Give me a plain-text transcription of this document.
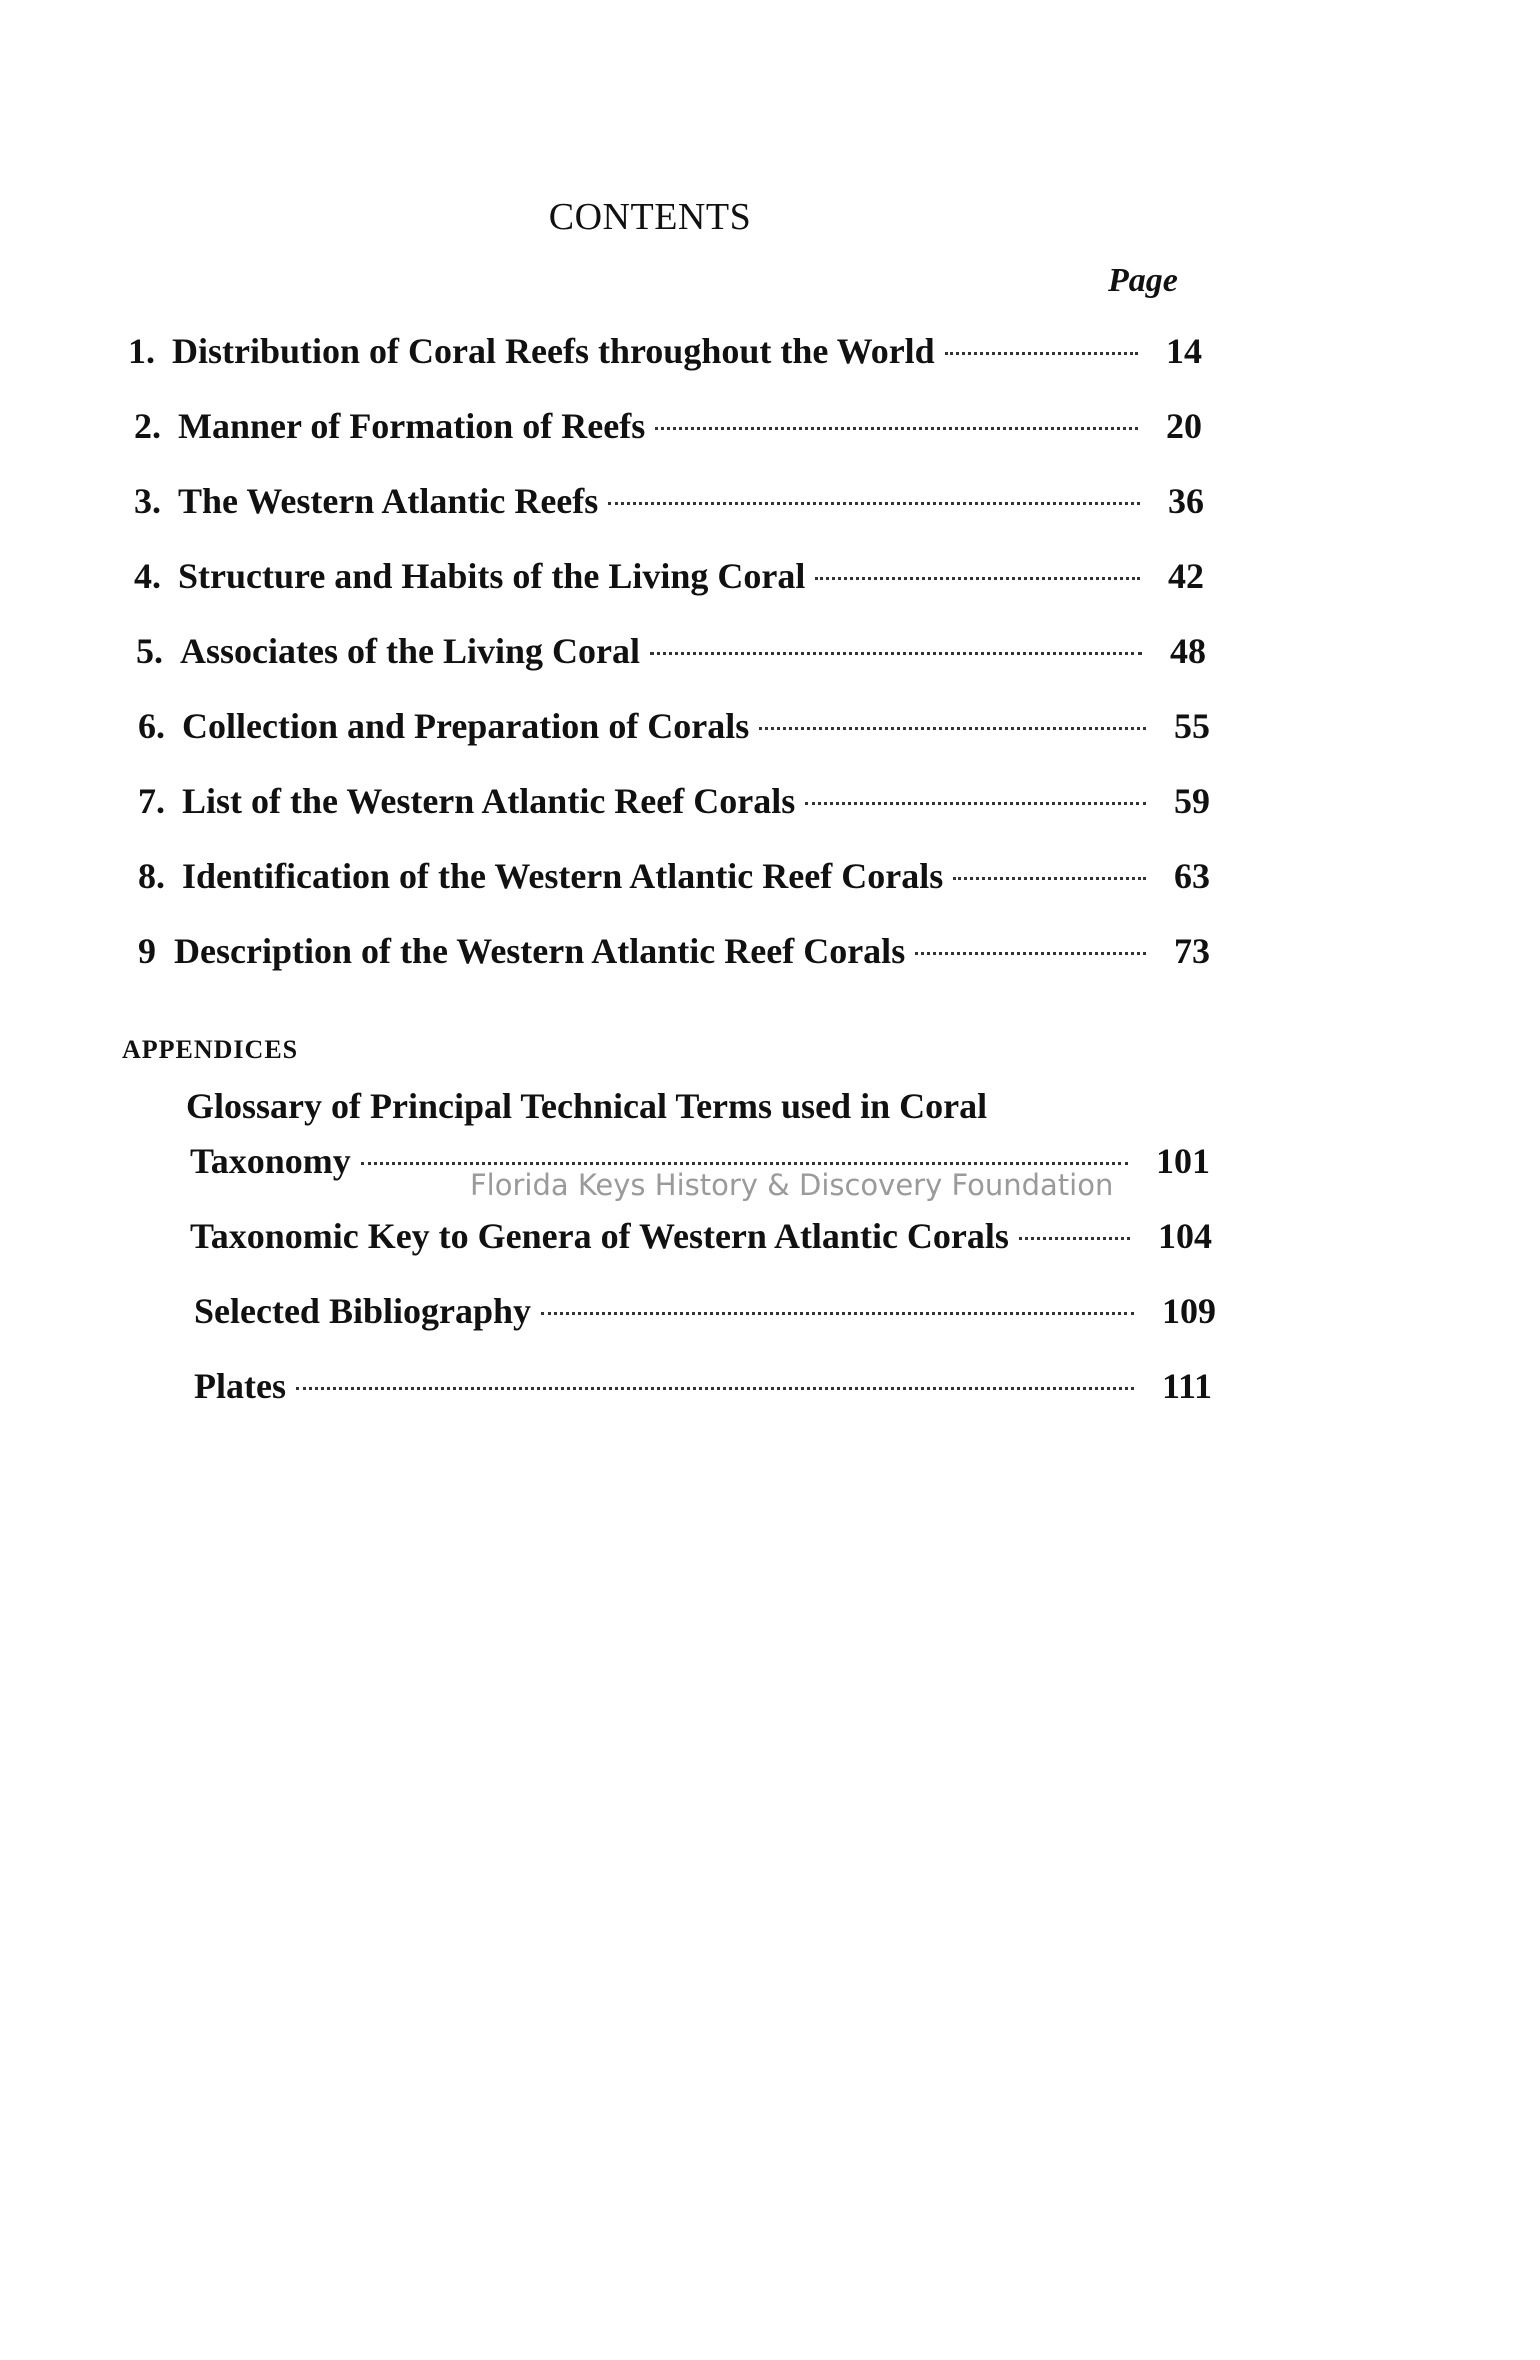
CONTENTS
Page
1. Distribution of Coral Reefs throughout the World	14
2. Manner of Formation of Reefs	20
3. The Western Atlantic Reefs	36
4. Structure and Habits of the Living Coral	42
5. Associates of the Living Coral	48
6. Collection and Preparation of Corals	55
7. List of the Western Atlantic Reef Corals	59
8. Identification of the Western Atlantic Reef Corals	63
9 Description of the Western Atlantic Reef Corals	73
APPENDICES
Glossary of Principal Technical Terms used in Coral
Taxonomy	101
Taxonomic Key to Genera of Western Atlantic Corals	104
Selected Bibliography	109
Plates	111
Florida Keys History & Discovery Foundation
